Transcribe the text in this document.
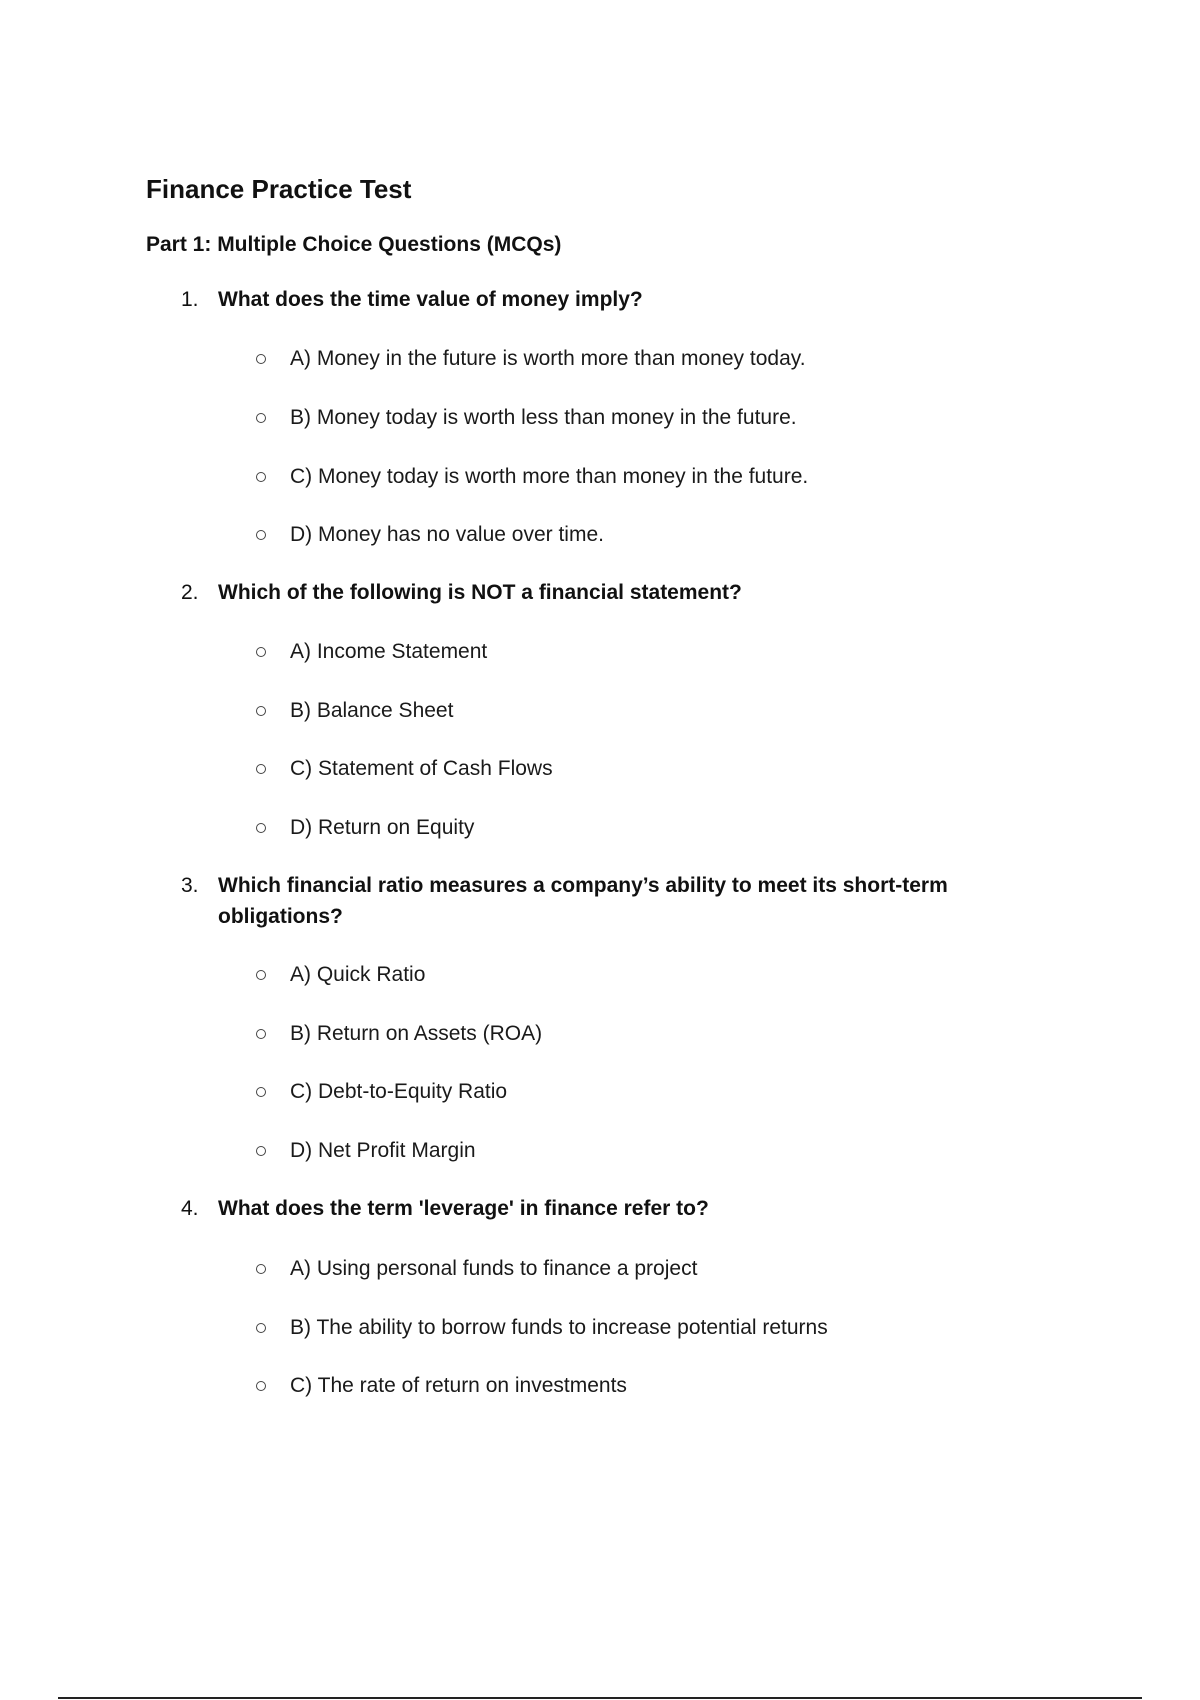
Finance Practice Test
Part 1: Multiple Choice Questions (MCQs)
1. What does the time value of money imply?
A) Money in the future is worth more than money today.
B) Money today is worth less than money in the future.
C) Money today is worth more than money in the future.
D) Money has no value over time.
2. Which of the following is NOT a financial statement?
A) Income Statement
B) Balance Sheet
C) Statement of Cash Flows
D) Return on Equity
3. Which financial ratio measures a company’s ability to meet its short-term obligations?
A) Quick Ratio
B) Return on Assets (ROA)
C) Debt-to-Equity Ratio
D) Net Profit Margin
4. What does the term 'leverage' in finance refer to?
A) Using personal funds to finance a project
B) The ability to borrow funds to increase potential returns
C) The rate of return on investments
